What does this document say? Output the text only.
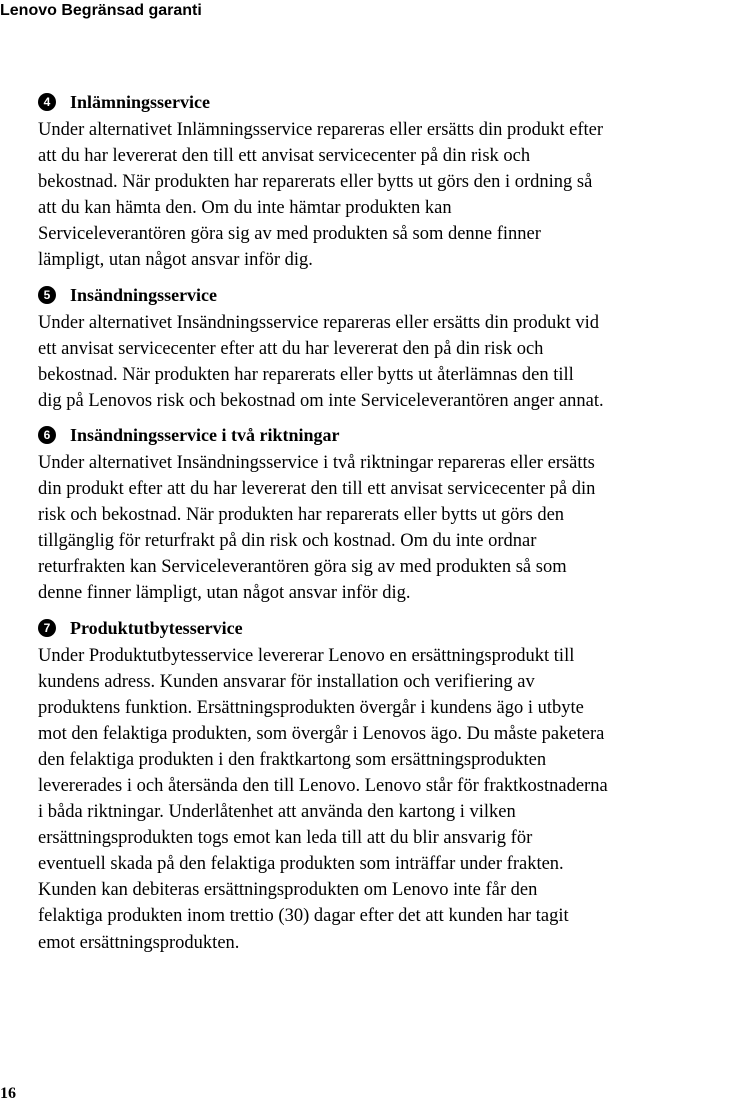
Lenovo Begränsad garanti
4	Inlämningsservice

Under alternativet Inlämningsservice repareras eller ersätts din produkt efter
att du har levererat den till ett anvisat servicecenter på din risk och
bekostnad. När produkten har reparerats eller bytts ut görs den i ordning så
att du kan hämta den. Om du inte hämtar produkten kan
Serviceleverantören göra sig av med produkten så som denne finner
lämpligt, utan något ansvar inför dig.

5	Insändningsservice

Under alternativet Insändningsservice repareras eller ersätts din produkt vid
ett anvisat servicecenter efter att du har levererat den på din risk och
bekostnad. När produkten har reparerats eller bytts ut återlämnas den till
dig på Lenovos risk och bekostnad om inte Serviceleverantören anger annat.

6	Insändningsservice i två riktningar

Under alternativet Insändningsservice i två riktningar repareras eller ersätts
din produkt efter att du har levererat den till ett anvisat servicecenter på din
risk och bekostnad. När produkten har reparerats eller bytts ut görs den
tillgänglig för returfrakt på din risk och kostnad. Om du inte ordnar
returfrakten kan Serviceleverantören göra sig av med produkten så som
denne finner lämpligt, utan något ansvar inför dig.

7	Produktutbytesservice

Under Produktutbytesservice levererar Lenovo en ersättningsprodukt till
kundens adress. Kunden ansvarar för installation och verifiering av
produktens funktion. Ersättningsprodukten övergår i kundens ägo i utbyte
mot den felaktiga produkten, som övergår i Lenovos ägo. Du måste paketera
den felaktiga produkten i den fraktkartong som ersättningsprodukten
levererades i och återsända den till Lenovo. Lenovo står för fraktkostnaderna
i båda riktningar. Underlåtenhet att använda den kartong i vilken
ersättningsprodukten togs emot kan leda till att du blir ansvarig för
eventuell skada på den felaktiga produkten som inträffar under frakten.
Kunden kan debiteras ersättningsprodukten om Lenovo inte får den
felaktiga produkten inom trettio (30) dagar efter det att kunden har tagit
emot ersättningsprodukten.

16
